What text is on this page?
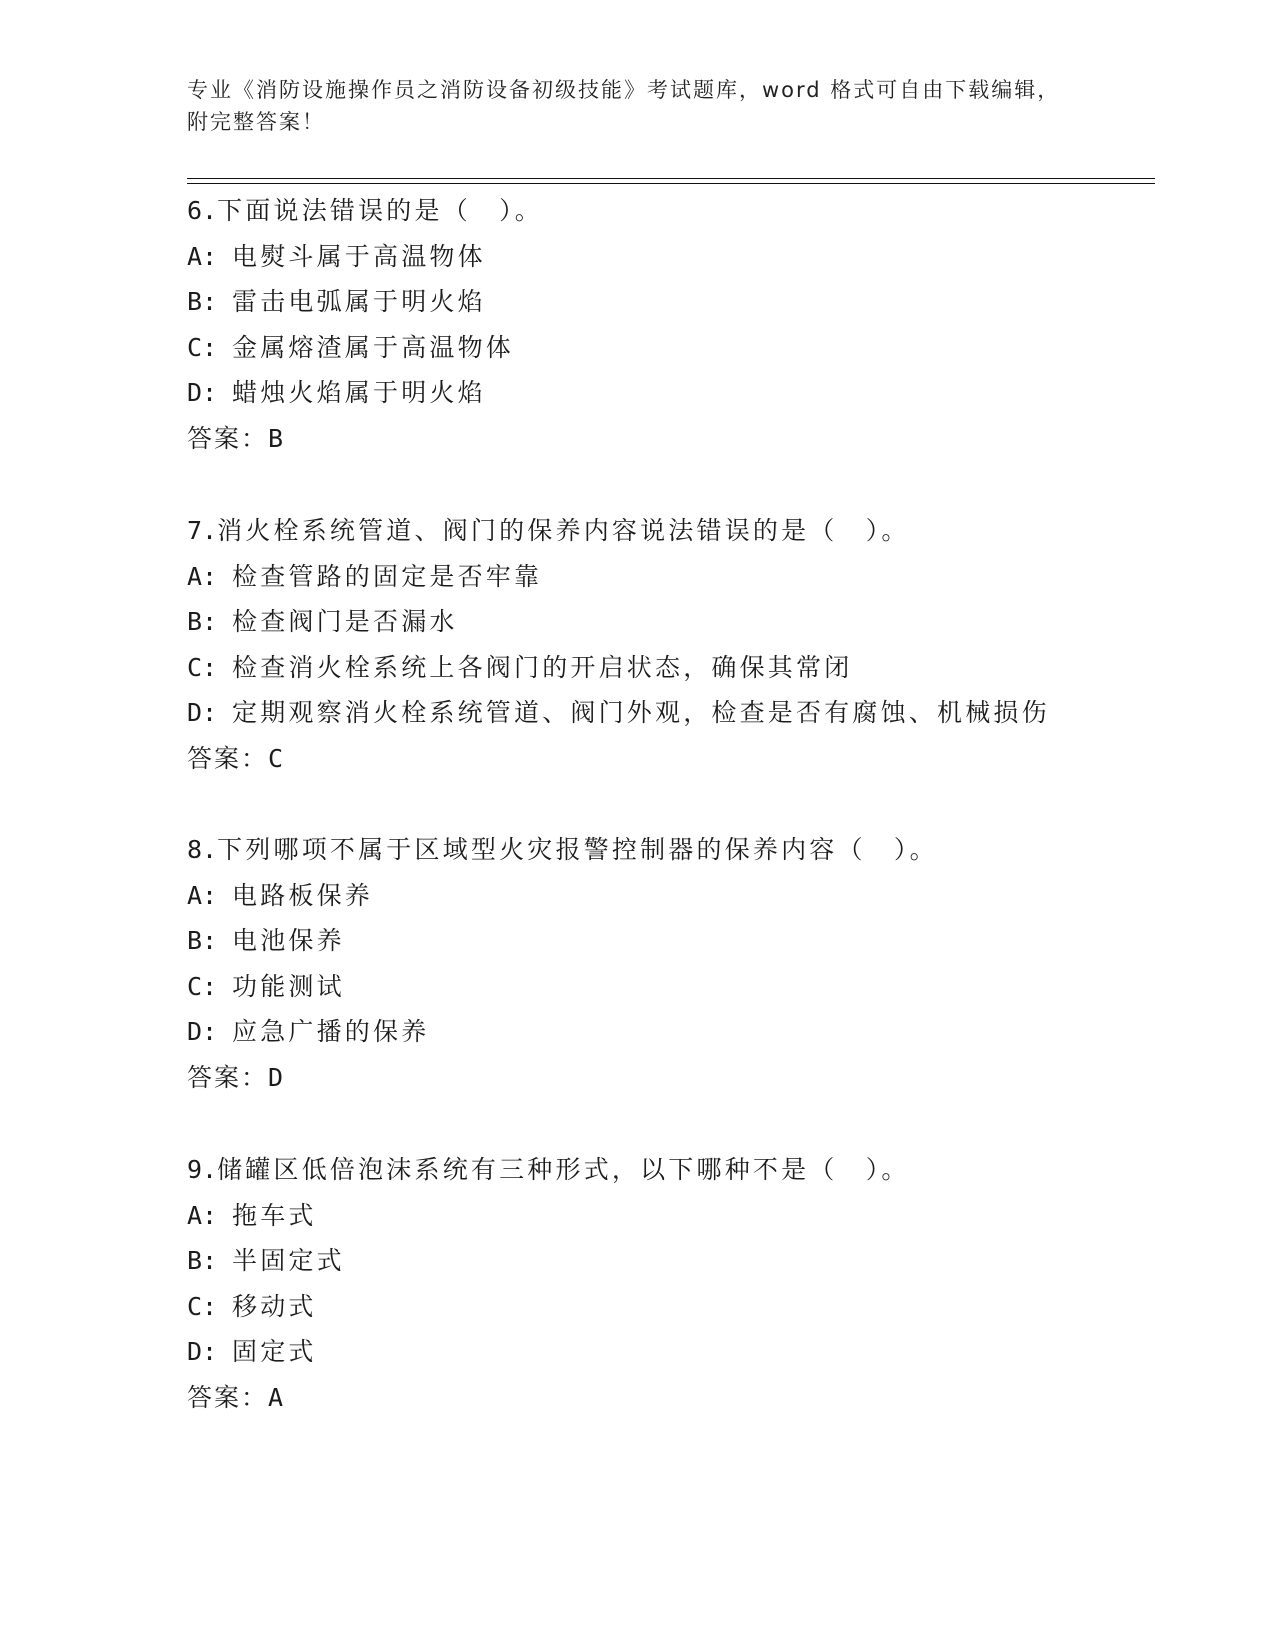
专业《消防设施操作员之消防设备初级技能》考试题库，word 格式可自由下载编辑，附完整答案！
6.下面说法错误的是（　）。
A: 电熨斗属于高温物体
B: 雷击电弧属于明火焰
C: 金属熔渣属于高温物体
D: 蜡烛火焰属于明火焰
答案：B
7.消火栓系统管道、阀门的保养内容说法错误的是（　）。
A: 检查管路的固定是否牢靠
B: 检查阀门是否漏水
C: 检查消火栓系统上各阀门的开启状态，确保其常闭
D: 定期观察消火栓系统管道、阀门外观，检查是否有腐蚀、机械损伤
答案：C
8.下列哪项不属于区域型火灾报警控制器的保养内容（　）。
A: 电路板保养
B: 电池保养
C: 功能测试
D: 应急广播的保养
答案：D
9.储罐区低倍泡沫系统有三种形式，以下哪种不是（　）。
A: 拖车式
B: 半固定式
C: 移动式
D: 固定式
答案：A
